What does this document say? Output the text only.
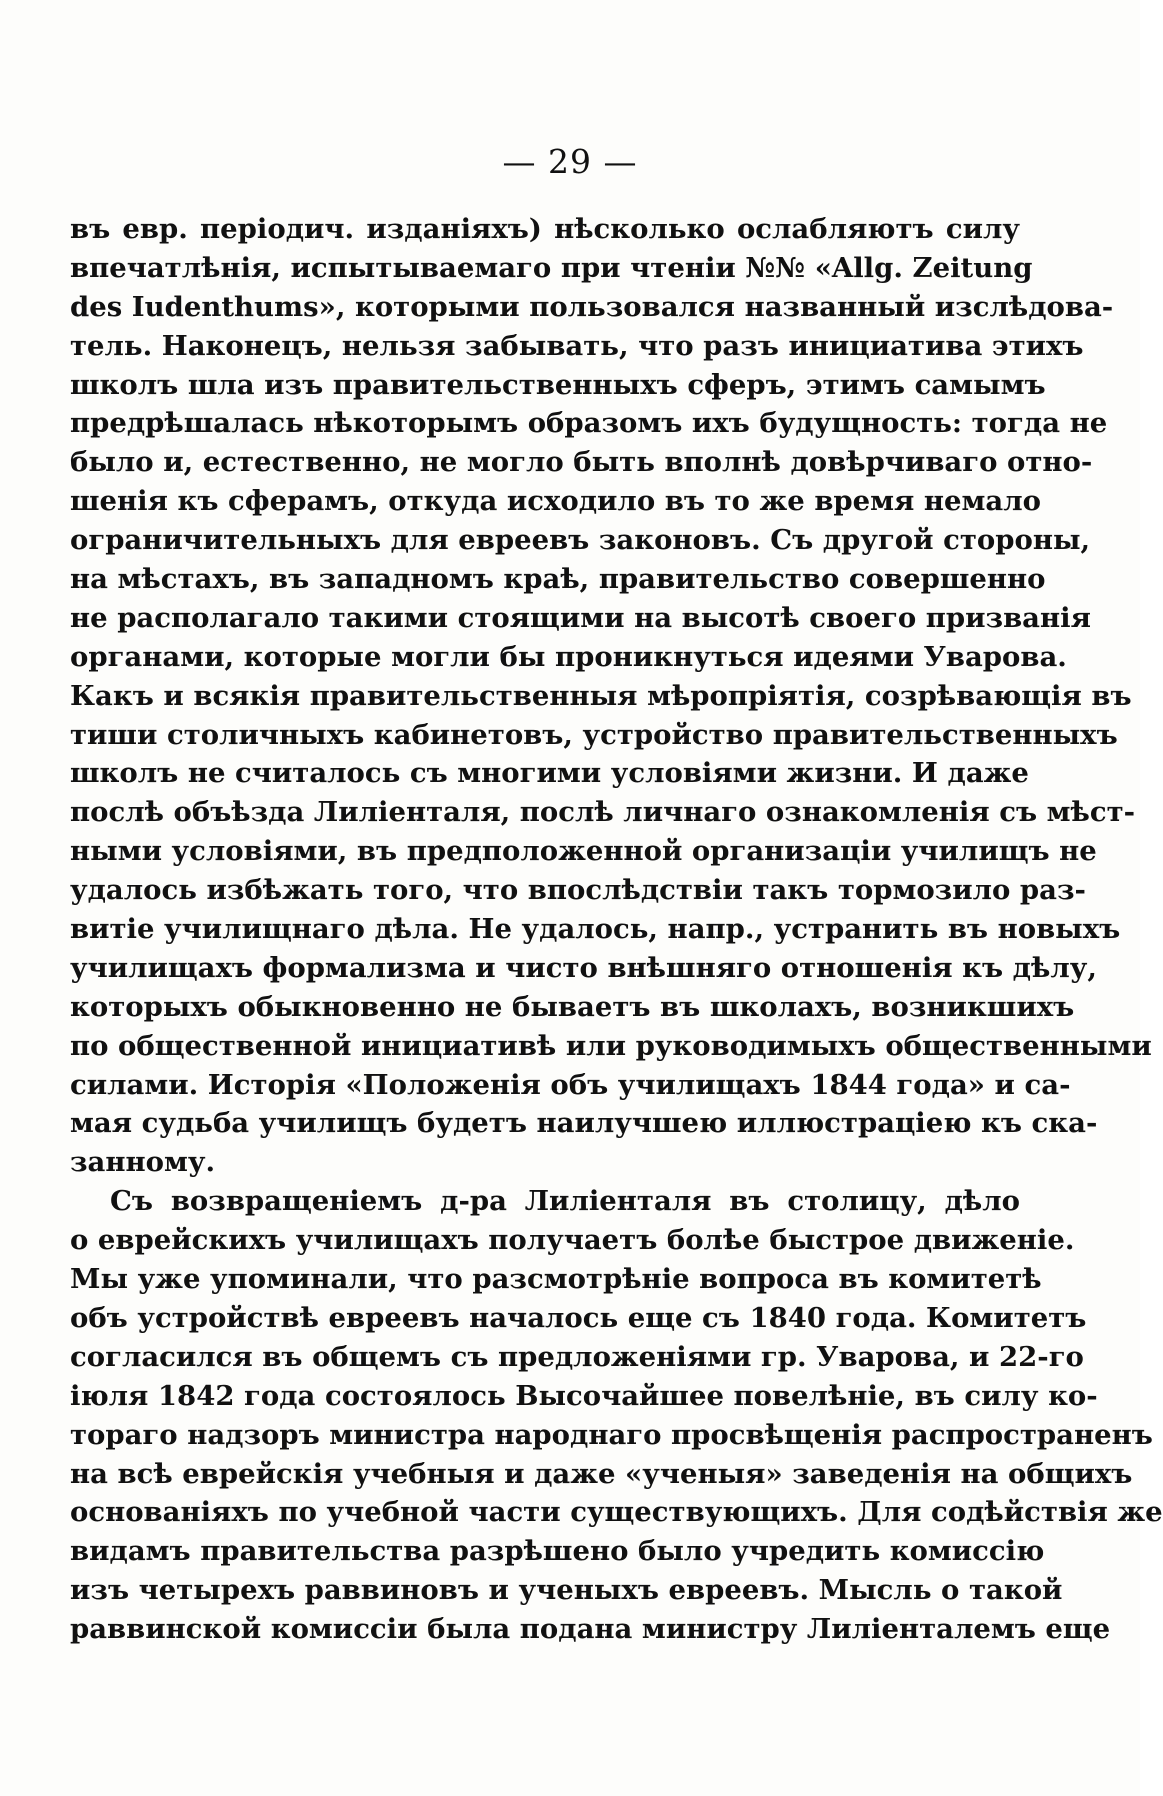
— 29 —
въ евр. періодич. изданіяхъ) нѣсколько ослабляютъ силу
впечатлѣнія, испытываемаго при чтеніи №№ «Allg. Zeitung
des Iudenthums», которыми пользовался названный изслѣдова-
тель. Наконецъ, нельзя забывать, что разъ инициатива этихъ
школъ шла изъ правительственныхъ сферъ, этимъ самымъ
предрѣшалась нѣкоторымъ образомъ ихъ будущность: тогда не
было и, естественно, не могло быть вполнѣ довѣрчиваго отно-
шенія къ сферамъ, откуда исходило въ то же время немало
ограничительныхъ для евреевъ законовъ. Съ другой стороны,
на мѣстахъ, въ западномъ краѣ, правительство совершенно
не располагало такими стоящими на высотѣ своего призванія
органами, которые могли бы проникнуться идеями Уварова.
Какъ и всякія правительственныя мѣропріятія, созрѣвающія въ
тиши столичныхъ кабинетовъ, устройство правительственныхъ
школъ не считалось съ многими условіями жизни. И даже
послѣ объѣзда Лиліенталя, послѣ личнаго ознакомленія съ мѣст-
ными условіями, въ предположенной организаціи училищъ не
удалось избѣжать того, что впослѣдствіи такъ тормозило раз-
витіе училищнаго дѣла. Не удалось, напр., устранить въ новыхъ
училищахъ формализма и чисто внѣшняго отношенія къ дѣлу,
которыхъ обыкновенно не бываетъ въ школахъ, возникшихъ
по общественной инициативѣ или руководимыхъ общественными
силами. Исторія «Положенія объ училищахъ 1844 года» и са-
мая судьба училищъ будетъ наилучшею иллюстраціею къ ска-
занному.
Съ возвращеніемъ д-ра Лиліенталя въ столицу, дѣло
о еврейскихъ училищахъ получаетъ болѣе быстрое движеніе.
Мы уже упоминали, что разсмотрѣніе вопроса въ комитетѣ
объ устройствѣ евреевъ началось еще съ 1840 года. Комитетъ
согласился въ общемъ съ предложеніями гр. Уварова, и 22-го
іюля 1842 года состоялось Высочайшее повелѣніе, въ силу ко-
тораго надзоръ министра народнаго просвѣщенія распространенъ
на всѣ еврейскія учебныя и даже «ученыя» заведенія на общихъ
основаніяхъ по учебной части существующихъ. Для содѣйствія же
видамъ правительства разрѣшено было учредить комиссію
изъ четырехъ раввиновъ и ученыхъ евреевъ. Мысль о такой
раввинской комиссіи была подана министру Лиліенталемъ еще
